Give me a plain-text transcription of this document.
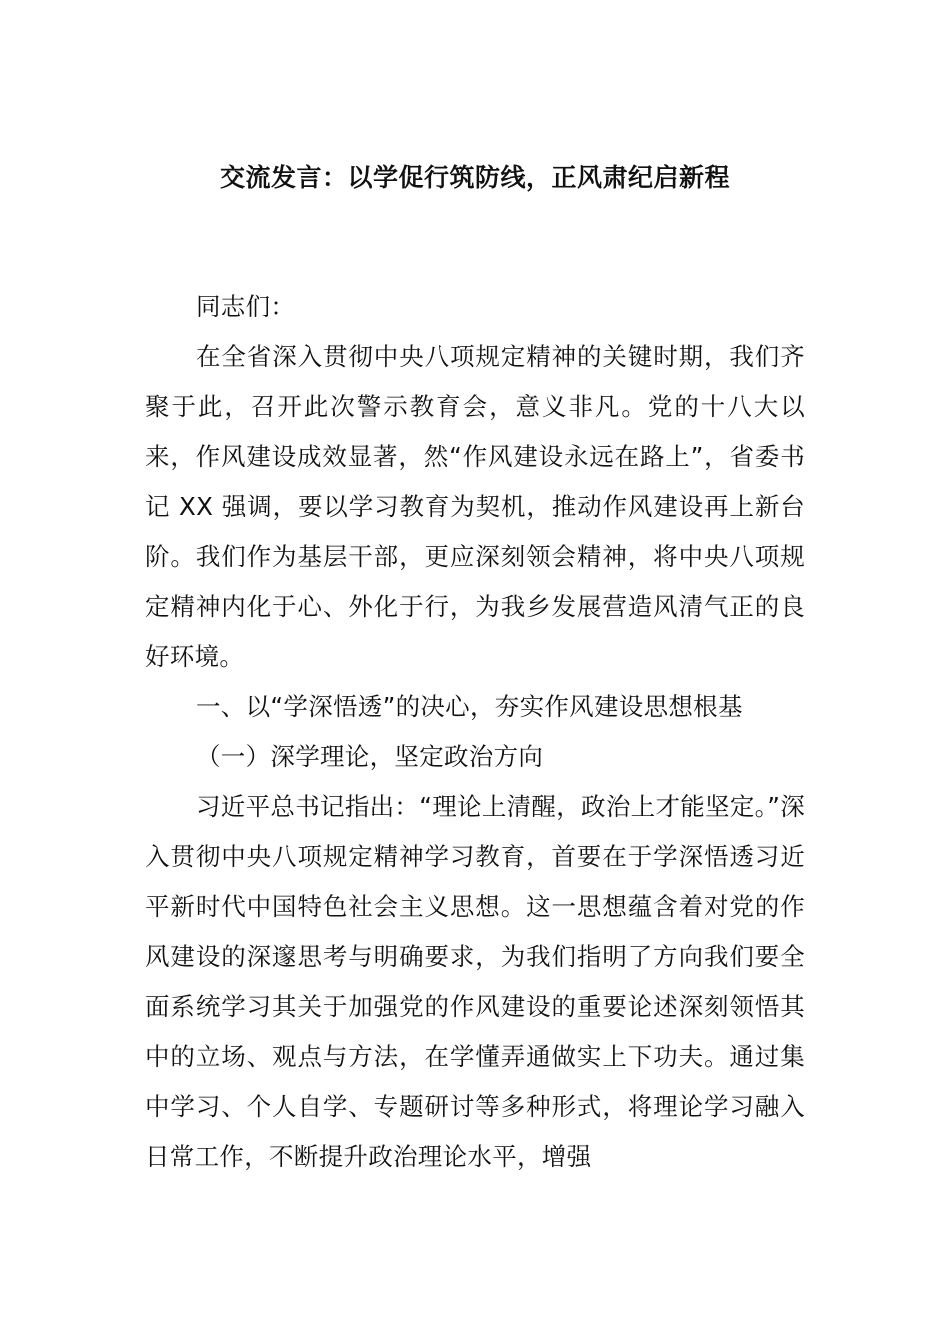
交流发言：以学促行筑防线，正风肃纪启新程

同志们：

在全省深入贯彻中央八项规定精神的关键时期，我们齐聚于此，召开此次警示教育会，意义非凡。党的十八大以来，作风建设成效显著，然“作风建设永远在路上”，省委书记 XX 强调，要以学习教育为契机，推动作风建设再上新台阶。我们作为基层干部，更应深刻领会精神，将中央八项规定精神内化于心、外化于行，为我乡发展营造风清气正的良好环境。

一、以“学深悟透”的决心，夯实作风建设思想根基

（一）深学理论，坚定政治方向

习近平总书记指出：“理论上清醒，政治上才能坚定。”深入贯彻中央八项规定精神学习教育，首要在于学深悟透习近平新时代中国特色社会主义思想。这一思想蕴含着对党的作风建设的深邃思考与明确要求，为我们指明了方向我们要全面系统学习其关于加强党的作风建设的重要论述深刻领悟其中的立场、观点与方法，在学懂弄通做实上下功夫。通过集中学习、个人自学、专题研讨等多种形式，将理论学习融入日常工作，不断提升政治理论水平，增强
